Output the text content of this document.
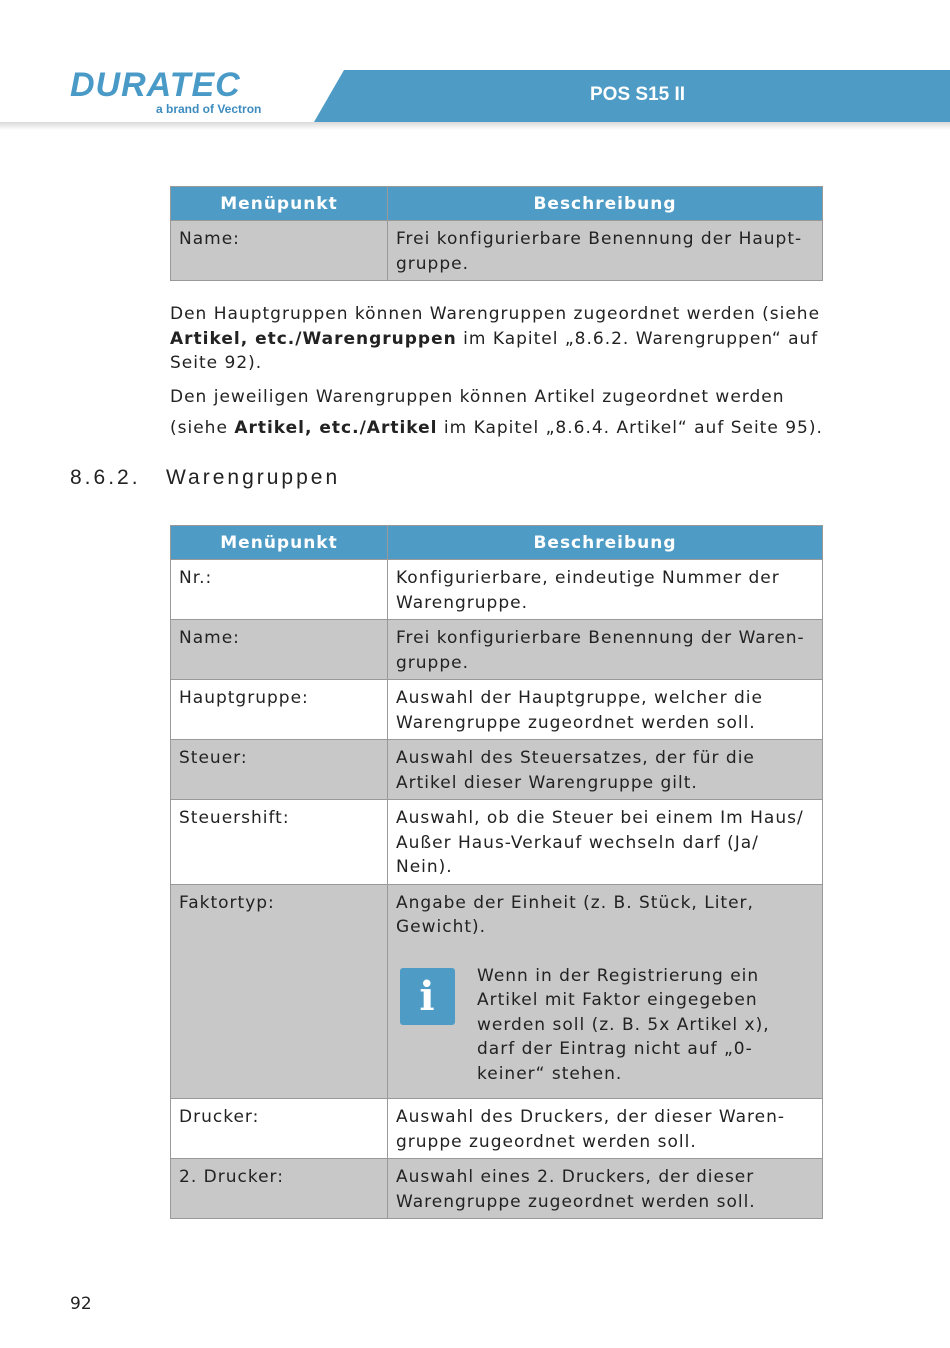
DURATEC
a brand of Vectron
POS S15 II
Menüpunkt	Beschreibung
Name:	Frei konfigurierbare Benennung der Haupt-gruppe.
Den Hauptgruppen können Warengruppen zugeordnet werden (siehe Artikel, etc./Warengruppen im Kapitel „8.6.2. Warengruppen“ auf Seite 92).
Den jeweiligen Warengruppen können Artikel zugeordnet werden (siehe Artikel, etc./Artikel im Kapitel „8.6.4. Artikel“ auf Seite 95).
8.6.2. Warengruppen
Menüpunkt	Beschreibung
Nr.:	Konfigurierbare, eindeutige Nummer der Warengruppe.
Name:	Frei konfigurierbare Benennung der Waren-gruppe.
Hauptgruppe:	Auswahl der Hauptgruppe, welcher die Warengruppe zugeordnet werden soll.
Steuer:	Auswahl des Steuersatzes, der für die Artikel dieser Warengruppe gilt.
Steuershift:	Auswahl, ob die Steuer bei einem Im Haus/ Außer Haus-Verkauf wechseln darf (Ja/ Nein).
Faktortyp:	Angabe der Einheit (z. B. Stück, Liter, Gewicht).
i Wenn in der Registrierung ein Artikel mit Faktor eingegeben werden soll (z. B. 5x Artikel x), darf der Eintrag nicht auf „0-keiner“ stehen.

Drucker:	Auswahl des Druckers, der dieser Waren-gruppe zugeordnet werden soll.
2. Drucker:	Auswahl eines 2. Druckers, der dieser Warengruppe zugeordnet werden soll.
92
